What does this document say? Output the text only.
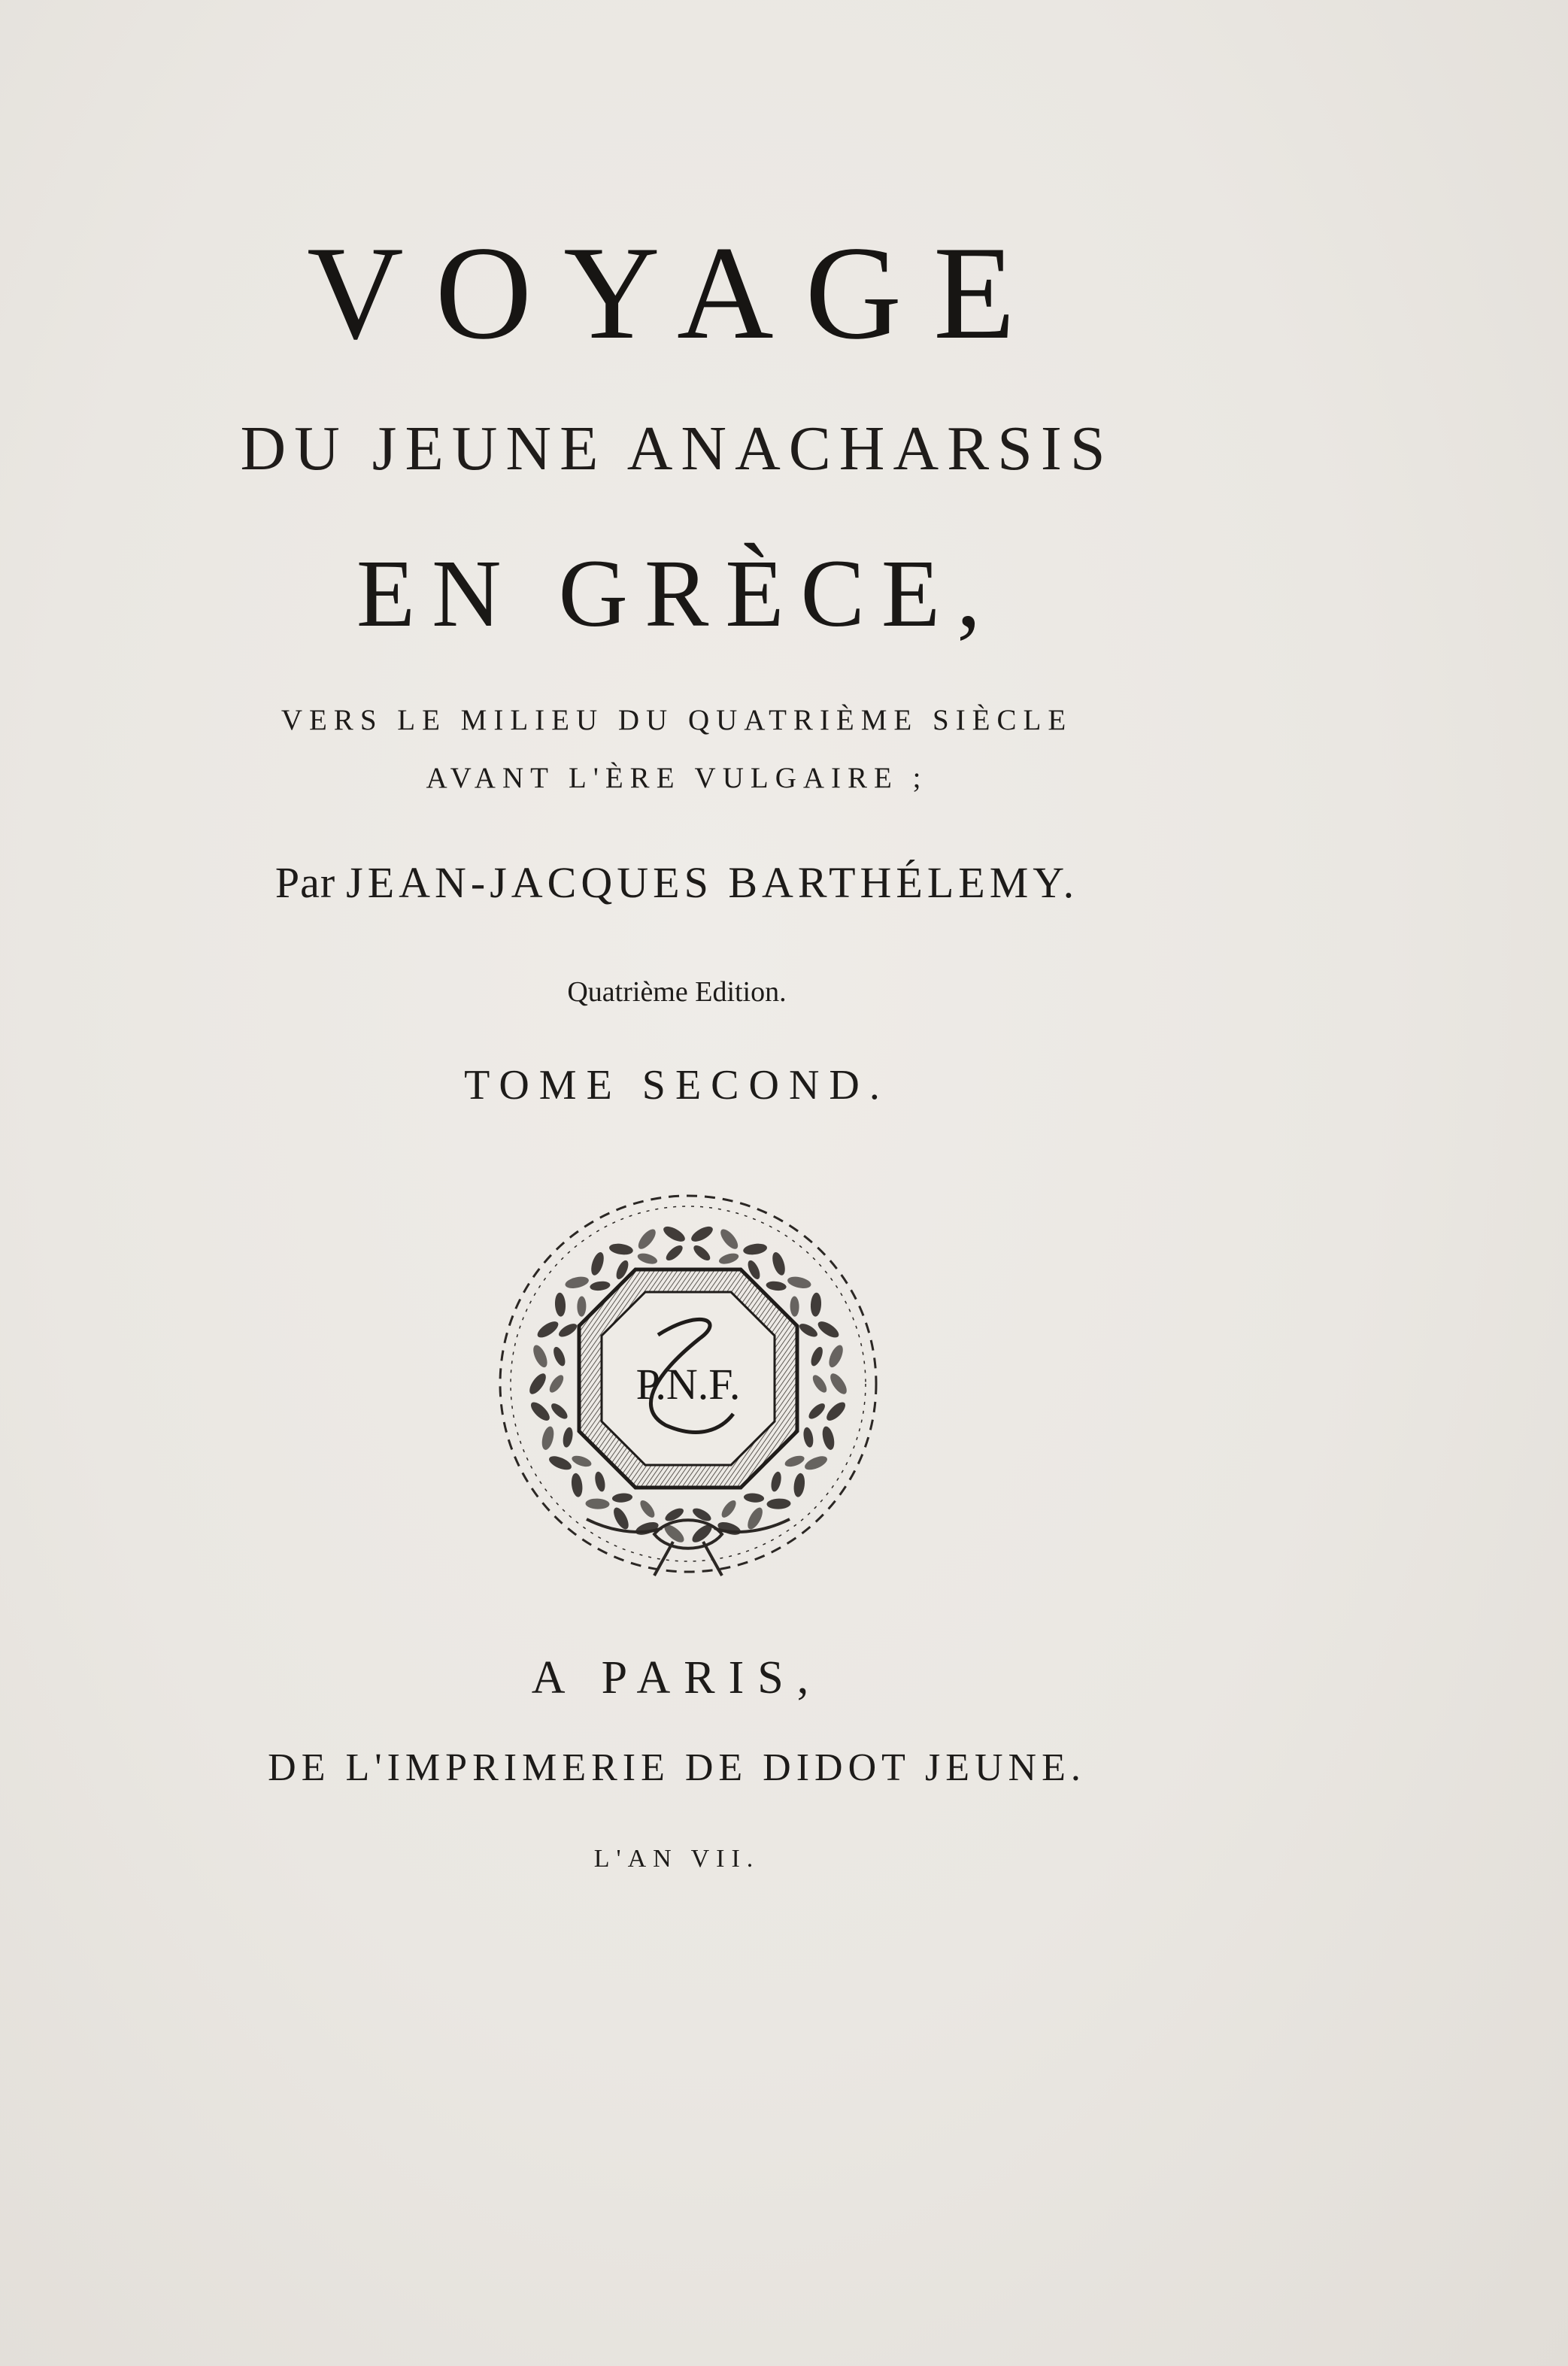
VOYAGE
DU JEUNE ANACHARSIS
EN GRÈCE,
VERS LE MILIEU DU QUATRIÈME SIÈCLE
AVANT L'ÈRE VULGAIRE ;
Par JEAN-JACQUES BARTHÉLEMY.
Quatrième Edition.
TOME SECOND.
P.N.F.
A PARIS,
DE L'IMPRIMERIE DE DIDOT JEUNE.
L'AN VII.
